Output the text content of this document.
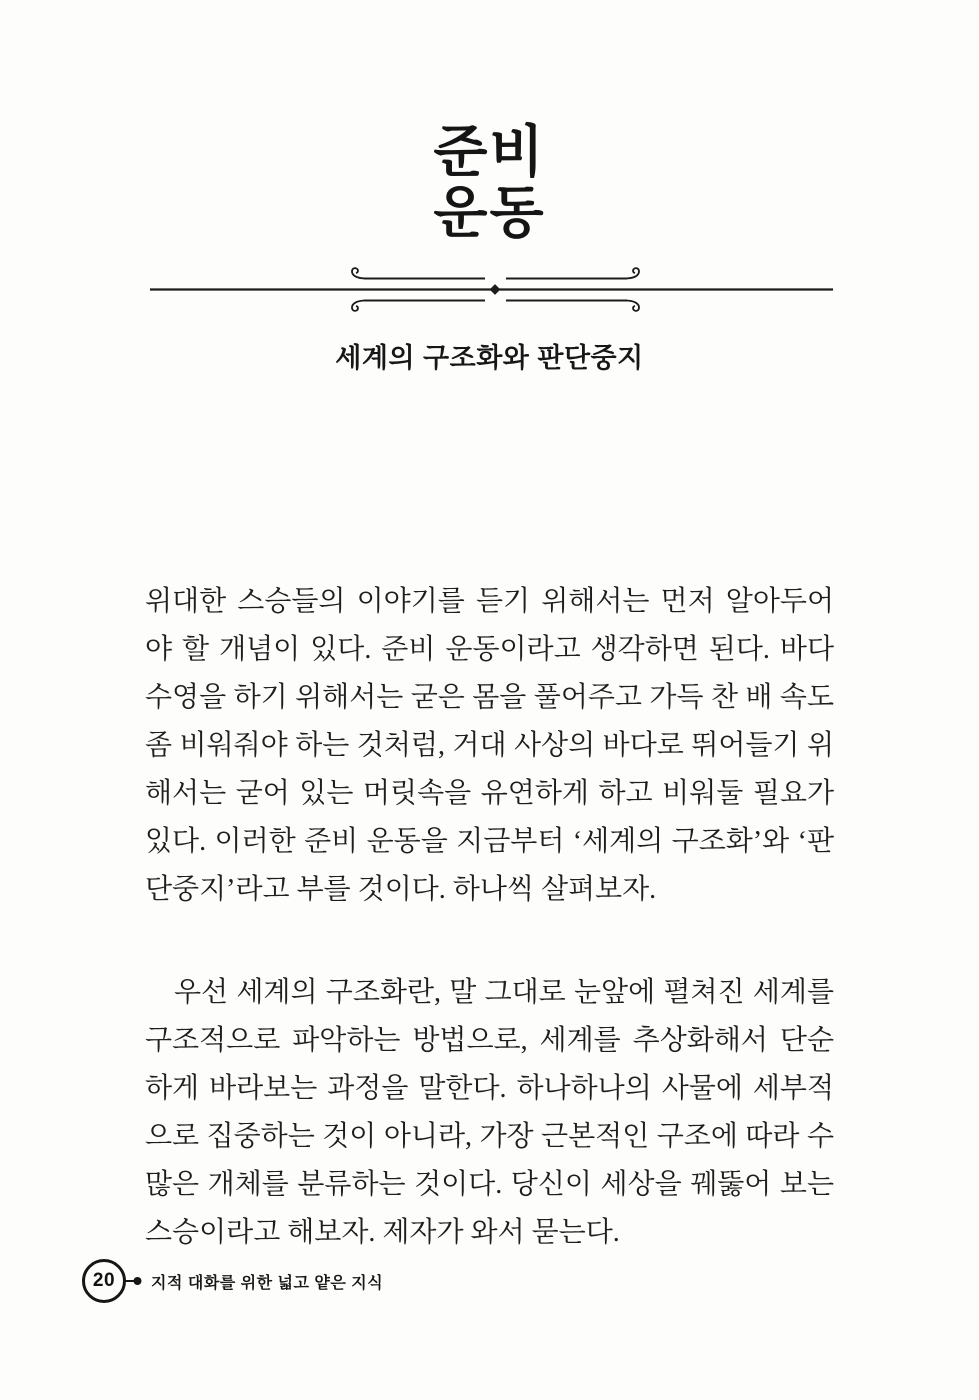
준비
운동
세계의 구조화와 판단중지

위대한 스승들의 이야기를 듣기 위해서는 먼저 알아두어야 할 개념이 있다. 준비 운동이라고 생각하면 된다. 바다 수영을 하기 위해서는 굳은 몸을 풀어주고 가득 찬 배 속도 좀 비워줘야 하는 것처럼, 거대 사상의 바다로 뛰어들기 위해서는 굳어 있는 머릿속을 유연하게 하고 비워둘 필요가 있다. 이러한 준비 운동을 지금부터 ‘세계의 구조화’와 ‘판단중지’라고 부를 것이다. 하나씩 살펴보자.

우선 세계의 구조화란, 말 그대로 눈앞에 펼쳐진 세계를 구조적으로 파악하는 방법으로, 세계를 추상화해서 단순하게 바라보는 과정을 말한다. 하나하나의 사물에 세부적으로 집중하는 것이 아니라, 가장 근본적인 구조에 따라 수많은 개체를 분류하는 것이다. 당신이 세상을 꿰뚫어 보는 스승이라고 해보자. 제자가 와서 묻는다.

20 지적 대화를 위한 넓고 얕은 지식
